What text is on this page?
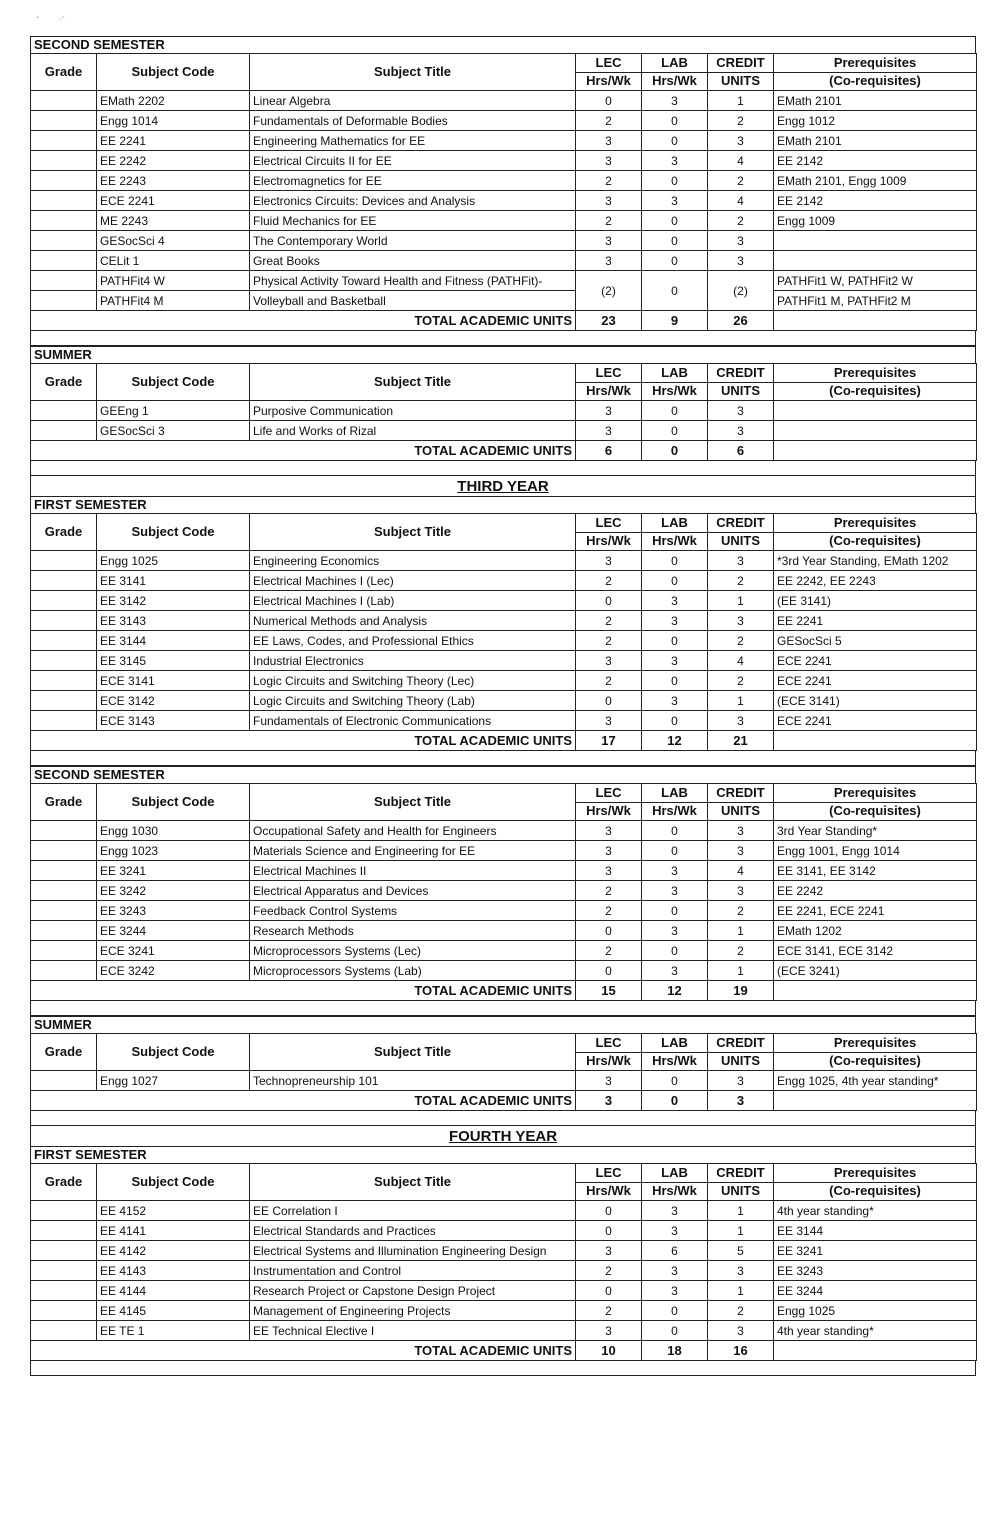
-       .-
SECOND SEMESTER
Grade	Subject Code	Subject Title	LEC	LAB	CREDIT	Prerequisites
			Hrs/Wk	Hrs/Wk	UNITS	(Co-requisites)
	EMath 2202	Linear Algebra	0	3	1	EMath 2101
	Engg 1014	Fundamentals of Deformable Bodies	2	0	2	Engg 1012
	EE 2241	Engineering Mathematics for EE	3	0	3	EMath 2101
	EE 2242	Electrical Circuits II for EE	3	3	4	EE 2142
	EE 2243	Electromagnetics for EE	2	0	2	EMath 2101, Engg 1009
	ECE 2241	Electronics Circuits: Devices and Analysis	3	3	4	EE 2142
	ME 2243	Fluid Mechanics for EE	2	0	2	Engg 1009
	GESocSci 4	The Contemporary World	3	0	3	
	CELit 1	Great Books	3	0	3	
	PATHFit4 W	Physical Activity Toward Health and Fitness (PATHFit)-	(2)	0	(2)	PATHFit1 W, PATHFit2 W
	PATHFit4 M	Volleyball and Basketball				PATHFit1 M, PATHFit2 M
TOTAL ACADEMIC UNITS			23	9	26	
SUMMER
Grade	Subject Code	Subject Title	LEC	LAB	CREDIT	Prerequisites
			Hrs/Wk	Hrs/Wk	UNITS	(Co-requisites)
	GEEng 1	Purposive Communication	3	0	3	
	GESocSci 3	Life and Works of Rizal	3	0	3	
TOTAL ACADEMIC UNITS			6	0	6	
THIRD YEAR
FIRST SEMESTER
Grade	Subject Code	Subject Title	LEC	LAB	CREDIT	Prerequisites
			Hrs/Wk	Hrs/Wk	UNITS	(Co-requisites)
	Engg 1025	Engineering Economics	3	0	3	*3rd Year Standing, EMath 1202
	EE 3141	Electrical Machines I (Lec)	2	0	2	EE 2242, EE 2243
	EE 3142	Electrical Machines I (Lab)	0	3	1	(EE 3141)
	EE 3143	Numerical Methods and Analysis	2	3	3	EE 2241
	EE 3144	EE Laws, Codes, and Professional Ethics	2	0	2	GESocSci 5
	EE 3145	Industrial Electronics	3	3	4	ECE 2241
	ECE 3141	Logic Circuits and Switching Theory (Lec)	2	0	2	ECE 2241
	ECE 3142	Logic Circuits and Switching Theory (Lab)	0	3	1	(ECE 3141)
	ECE 3143	Fundamentals of Electronic Communications	3	0	3	ECE 2241
TOTAL ACADEMIC UNITS			17	12	21	
SECOND SEMESTER
Grade	Subject Code	Subject Title	LEC	LAB	CREDIT	Prerequisites
			Hrs/Wk	Hrs/Wk	UNITS	(Co-requisites)
	Engg 1030	Occupational Safety and Health for Engineers	3	0	3	3rd Year Standing*
	Engg 1023	Materials Science and Engineering for EE	3	0	3	Engg 1001, Engg 1014
	EE 3241	Electrical Machines II	3	3	4	EE 3141, EE 3142
	EE 3242	Electrical Apparatus and Devices	2	3	3	EE 2242
	EE 3243	Feedback Control Systems	2	0	2	EE 2241, ECE 2241
	EE 3244	Research Methods	0	3	1	EMath 1202
	ECE 3241	Microprocessors Systems (Lec)	2	0	2	ECE 3141, ECE 3142
	ECE 3242	Microprocessors Systems (Lab)	0	3	1	(ECE 3241)
TOTAL ACADEMIC UNITS			15	12	19	
SUMMER
Grade	Subject Code	Subject Title	LEC	LAB	CREDIT	Prerequisites
			Hrs/Wk	Hrs/Wk	UNITS	(Co-requisites)
	Engg 1027	Technopreneurship 101	3	0	3	Engg 1025, 4th year standing*
TOTAL ACADEMIC UNITS			3	0	3	
FOURTH YEAR
FIRST SEMESTER
Grade	Subject Code	Subject Title	LEC	LAB	CREDIT	Prerequisites
			Hrs/Wk	Hrs/Wk	UNITS	(Co-requisites)
	EE 4152	EE Correlation I	0	3	1	4th year standing*
	EE 4141	Electrical Standards and Practices	0	3	1	EE 3144
	EE 4142	Electrical Systems and Illumination Engineering Design	3	6	5	EE 3241
	EE 4143	Instrumentation and Control	2	3	3	EE 3243
	EE 4144	Research Project or Capstone Design Project	0	3	1	EE 3244
	EE 4145	Management of Engineering Projects	2	0	2	Engg 1025
	EE TE 1	EE Technical Elective I	3	0	3	4th year standing*
TOTAL ACADEMIC UNITS			10	18	16	
